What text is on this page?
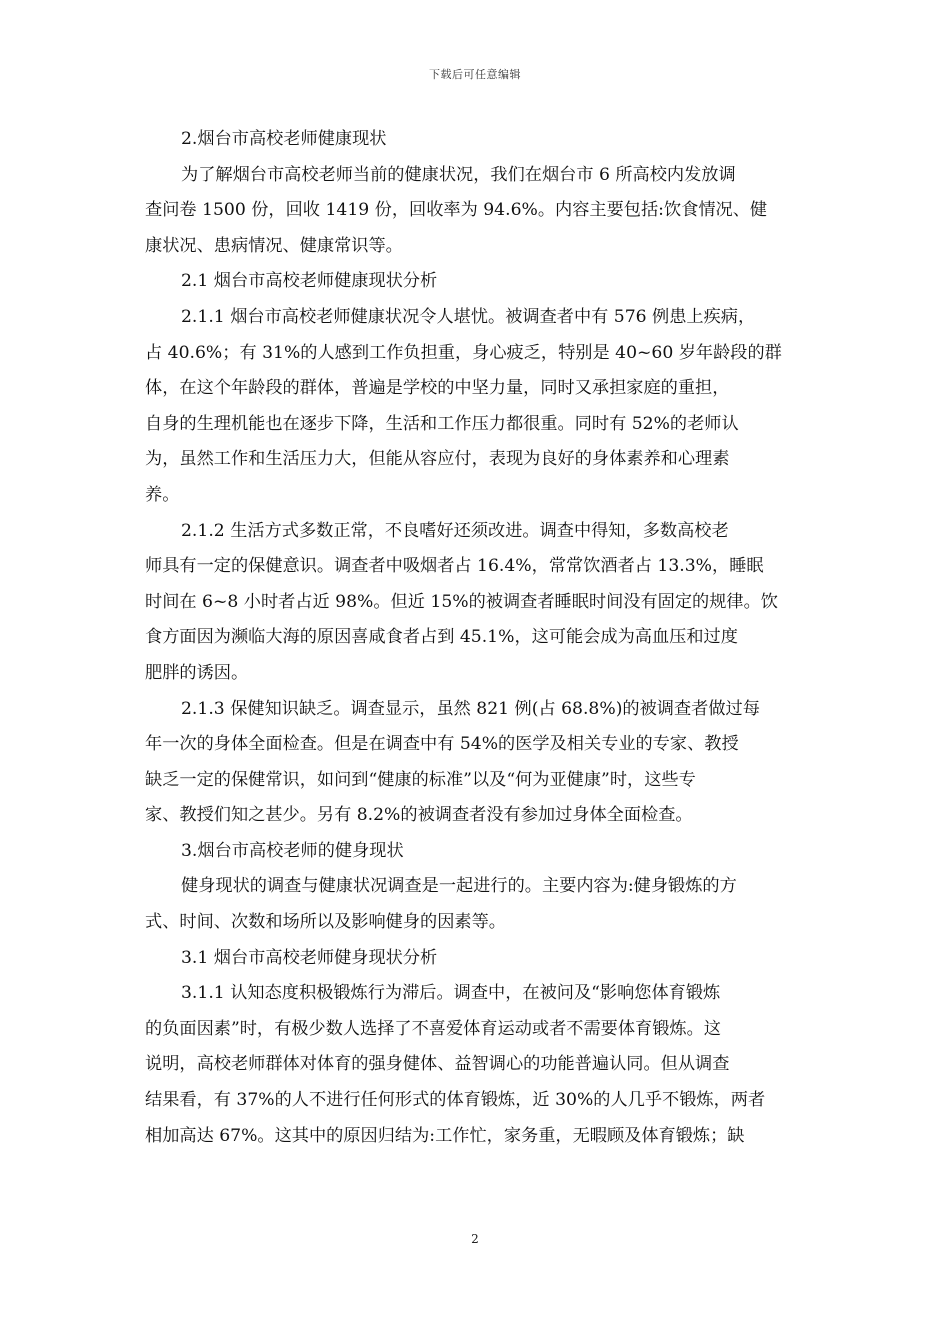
下载后可任意编辑
2.烟台市高校老师健康现状
为了解烟台市高校老师当前的健康状况，我们在烟台市 6 所高校内发放调
查问卷 1500 份，回收 1419 份，回收率为 94.6%。内容主要包括:饮食情况、健
康状况、患病情况、健康常识等。
2.1 烟台市高校老师健康现状分析
2.1.1 烟台市高校老师健康状况令人堪忧。被调查者中有 576 例患上疾病，
占 40.6%；有 31%的人感到工作负担重，身心疲乏，特别是 40~60 岁年龄段的群
体，在这个年龄段的群体，普遍是学校的中坚力量，同时又承担家庭的重担，
自身的生理机能也在逐步下降，生活和工作压力都很重。同时有 52%的老师认
为，虽然工作和生活压力大，但能从容应付，表现为良好的身体素养和心理素
养。
2.1.2 生活方式多数正常，不良嗜好还须改进。调查中得知，多数高校老
师具有一定的保健意识。调查者中吸烟者占 16.4%，常常饮酒者占 13.3%，睡眠
时间在 6~8 小时者占近 98%。但近 15%的被调查者睡眠时间没有固定的规律。饮
食方面因为濒临大海的原因喜咸食者占到 45.1%，这可能会成为高血压和过度
肥胖的诱因。
2.1.3 保健知识缺乏。调查显示，虽然 821 例(占 68.8%)的被调查者做过每
年一次的身体全面检查。但是在调查中有 54%的医学及相关专业的专家、教授
缺乏一定的保健常识，如问到“健康的标准”以及“何为亚健康”时，这些专
家、教授们知之甚少。另有 8.2%的被调查者没有参加过身体全面检查。
3.烟台市高校老师的健身现状
健身现状的调查与健康状况调查是一起进行的。主要内容为:健身锻炼的方
式、时间、次数和场所以及影响健身的因素等。
3.1 烟台市高校老师健身现状分析
3.1.1 认知态度积极锻炼行为滞后。调查中，在被问及“影响您体育锻炼
的负面因素”时，有极少数人选择了不喜爱体育运动或者不需要体育锻炼。这
说明，高校老师群体对体育的强身健体、益智调心的功能普遍认同。但从调查
结果看，有 37%的人不进行任何形式的体育锻炼，近 30%的人几乎不锻炼，两者
相加高达 67%。这其中的原因归结为:工作忙，家务重，无暇顾及体育锻炼；缺
2
